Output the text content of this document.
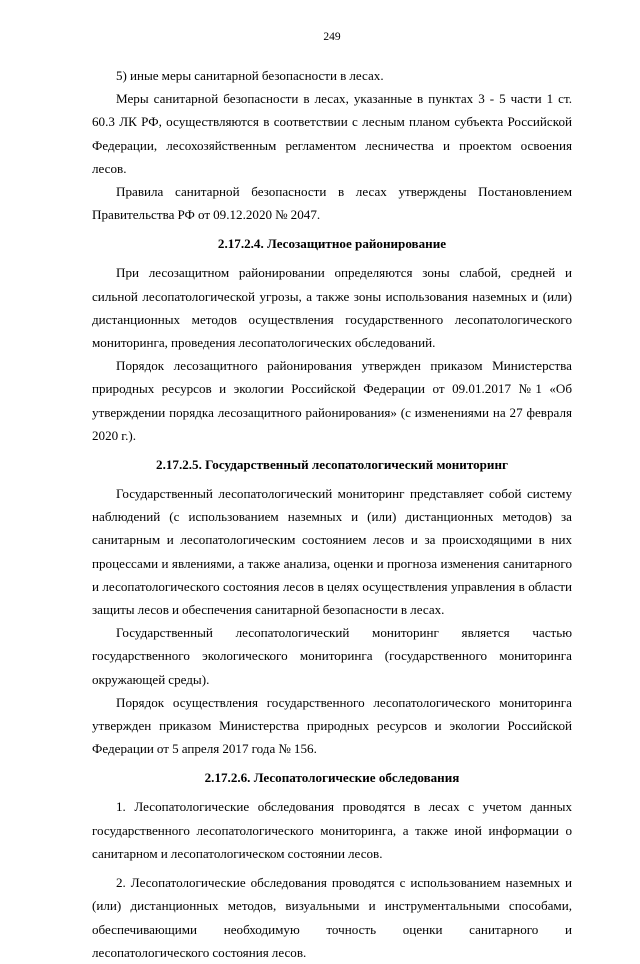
249

5) иные меры санитарной безопасности в лесах.

Меры санитарной безопасности в лесах, указанные в пунктах 3 - 5 части 1 ст. 60.3 ЛК РФ, осуществляются в соответствии с лесным планом субъекта Российской Федерации, лесохозяйственным регламентом лесничества и проектом освоения лесов.

Правила санитарной безопасности в лесах утверждены Постановлением Правительства РФ от 09.12.2020 № 2047.

2.17.2.4. Лесозащитное районирование

При лесозащитном районировании определяются зоны слабой, средней и сильной лесопатологической угрозы, а также зоны использования наземных и (или) дистанционных методов осуществления государственного лесопатологического мониторинга, проведения лесопатологических обследований.

Порядок лесозащитного районирования утвержден приказом Министерства природных ресурсов и экологии Российской Федерации от 09.01.2017 №1 «Об утверждении порядка лесозащитного районирования» (с изменениями на 27 февраля 2020 г.).

2.17.2.5. Государственный лесопатологический мониторинг

Государственный лесопатологический мониторинг представляет собой систему наблюдений (с использованием наземных и (или) дистанционных методов) за санитарным и лесопатологическим состоянием лесов и за происходящими в них процессами и явлениями, а также анализа, оценки и прогноза изменения санитарного и лесопатологического состояния лесов в целях осуществления управления в области защиты лесов и обеспечения санитарной безопасности в лесах.

Государственный лесопатологический мониторинг является частью государственного экологического мониторинга (государственного мониторинга окружающей среды).

Порядок осуществления государственного лесопатологического мониторинга утвержден приказом Министерства природных ресурсов и экологии Российской Федерации от 5 апреля 2017 года № 156.

2.17.2.6. Лесопатологические обследования

1. Лесопатологические обследования проводятся в лесах с учетом данных государственного лесопатологического мониторинга, а также иной информации о санитарном и лесопатологическом состоянии лесов.

2. Лесопатологические обследования проводятся с использованием наземных и (или) дистанционных методов, визуальными и инструментальными способами, обеспечивающими необходимую точность оценки санитарного и лесопатологического состояния лесов.
